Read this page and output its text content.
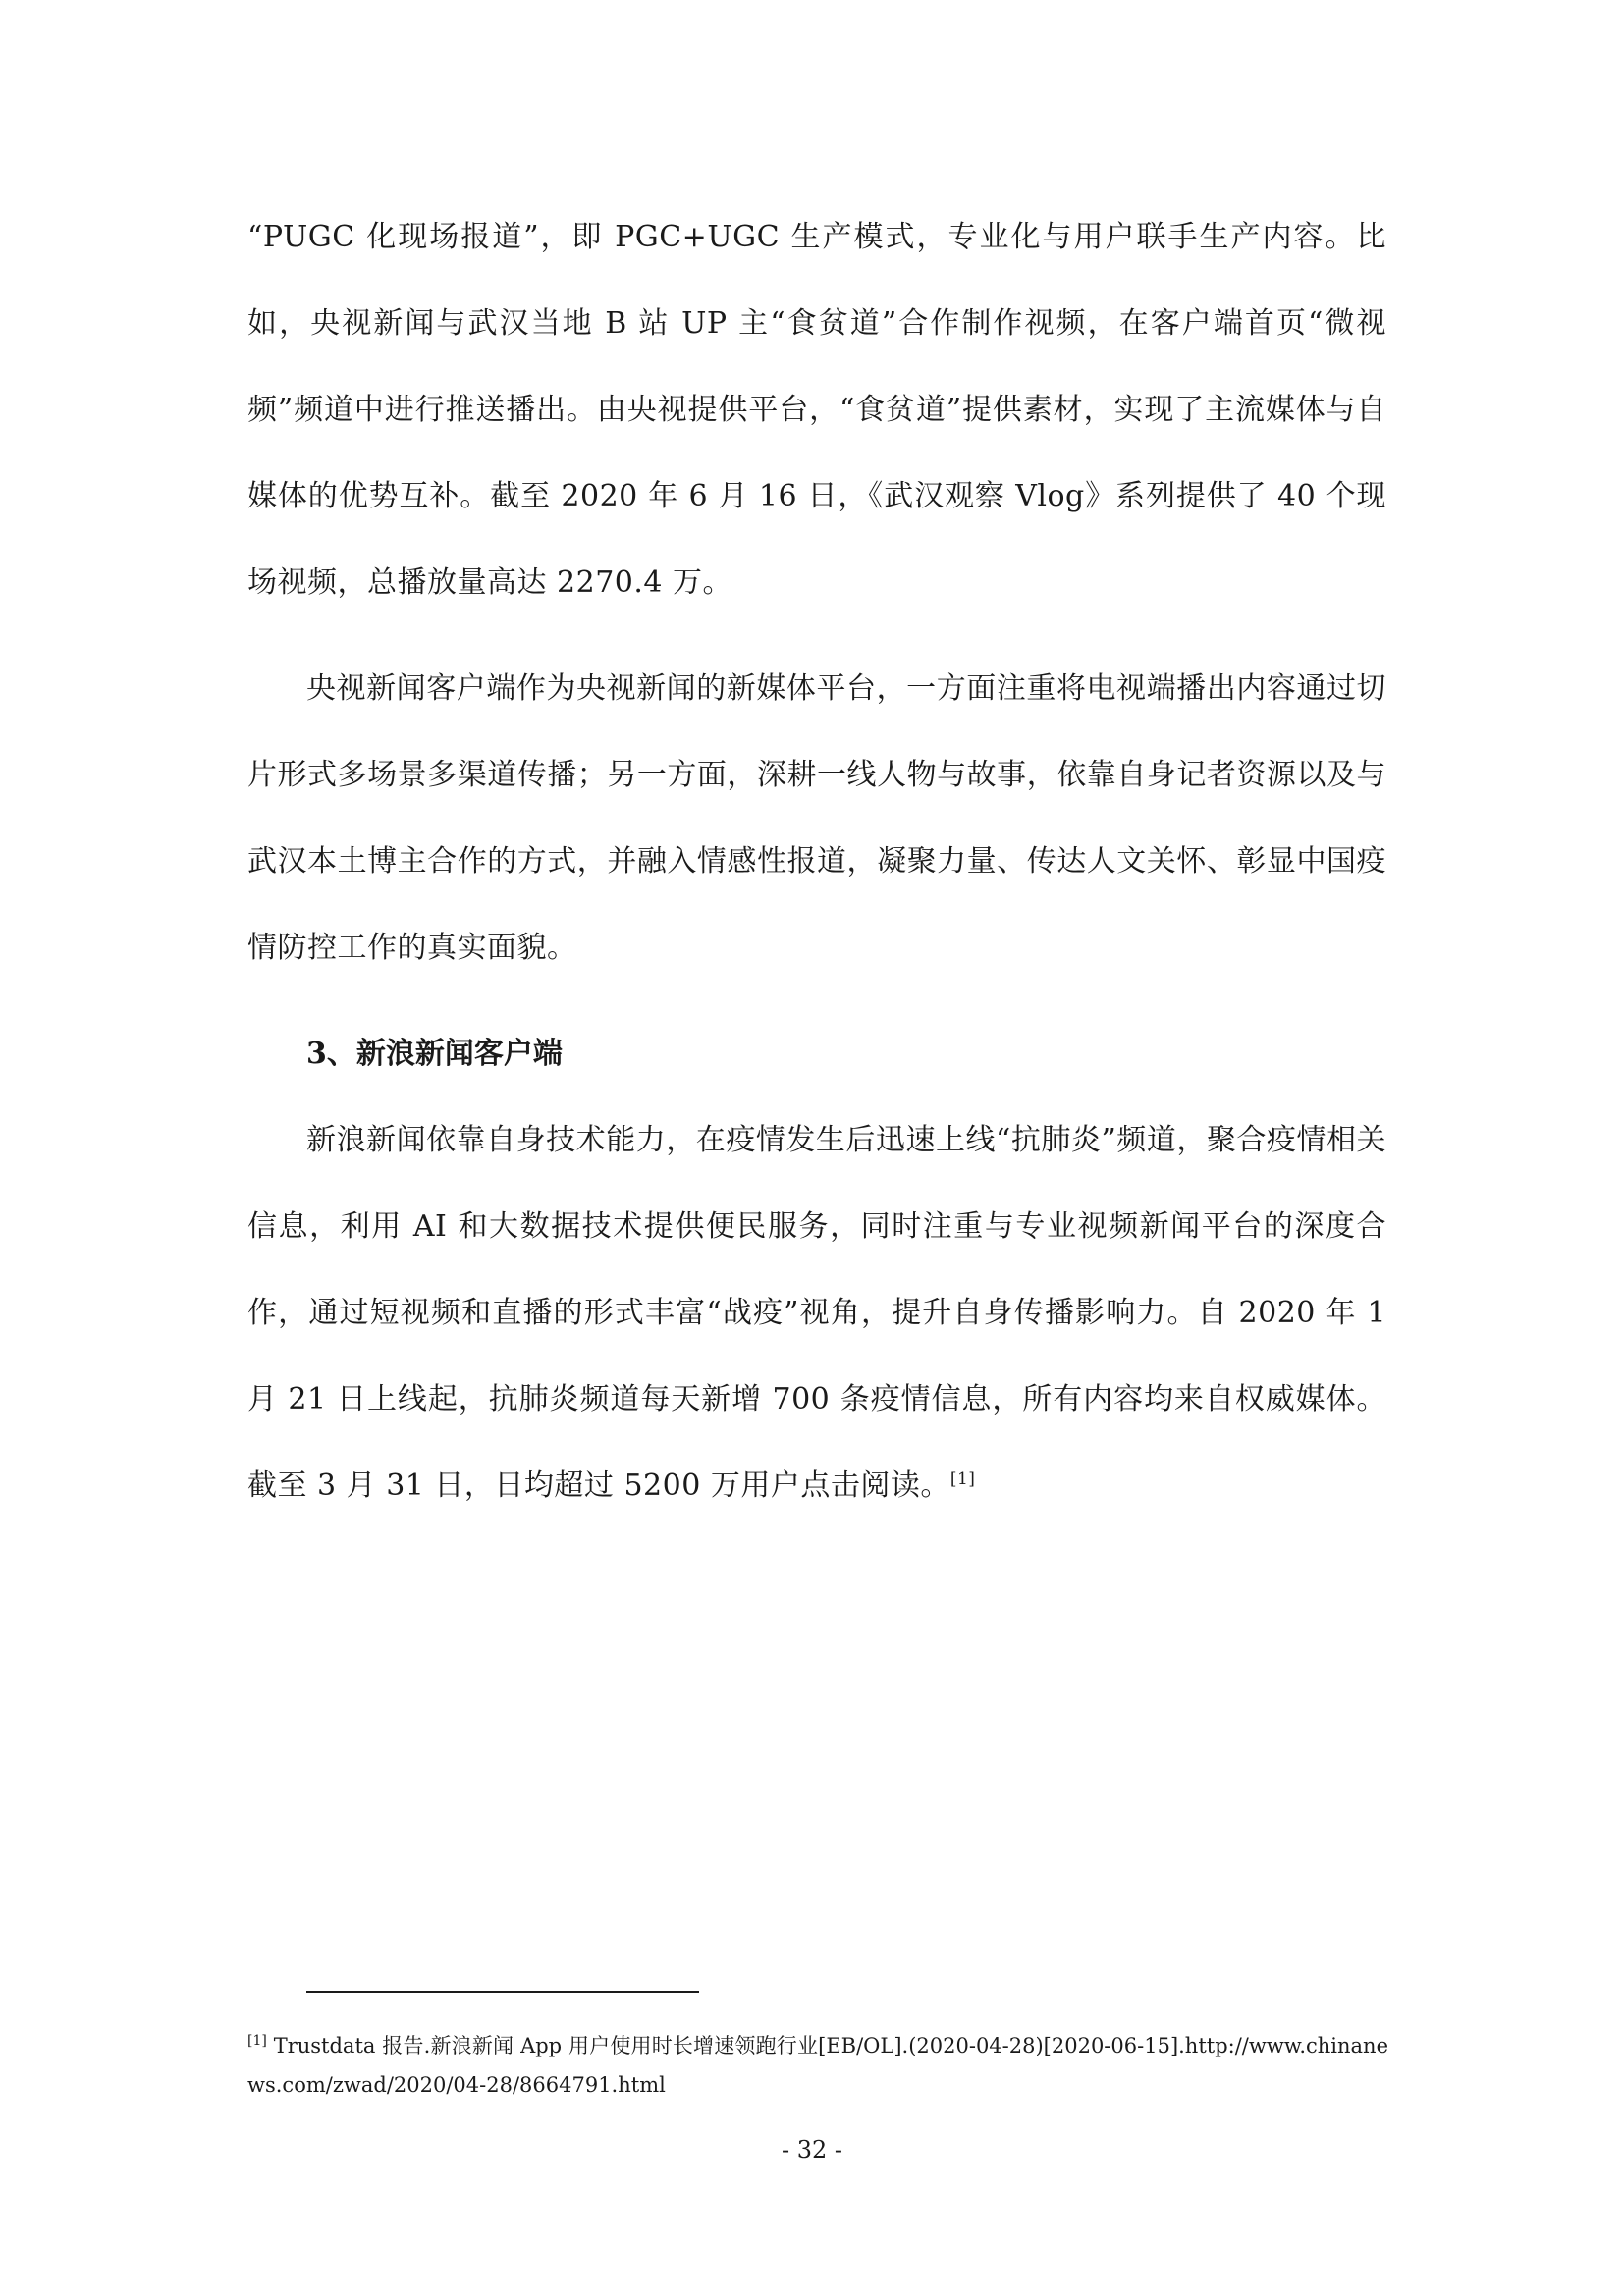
“PUGC 化现场报道”，即 PGC+UGC 生产模式，专业化与用户联手生产内容。比如，央视新闻与武汉当地 B 站 UP 主“食贫道”合作制作视频，在客户端首页“微视频”频道中进行推送播出。由央视提供平台，“食贫道”提供素材，实现了主流媒体与自媒体的优势互补。截至 2020 年 6 月 16 日，《武汉观察 Vlog》系列提供了 40 个现场视频，总播放量高达 2270.4 万。

央视新闻客户端作为央视新闻的新媒体平台，一方面注重将电视端播出内容通过切片形式多场景多渠道传播；另一方面，深耕一线人物与故事，依靠自身记者资源以及与武汉本土博主合作的方式，并融入情感性报道，凝聚力量、传达人文关怀、彰显中国疫情防控工作的真实面貌。

3、新浪新闻客户端

新浪新闻依靠自身技术能力，在疫情发生后迅速上线“抗肺炎”频道，聚合疫情相关信息，利用 AI 和大数据技术提供便民服务，同时注重与专业视频新闻平台的深度合作，通过短视频和直播的形式丰富“战疫”视角，提升自身传播影响力。自 2020 年 1 月 21 日上线起，抗肺炎频道每天新增 700 条疫情信息，所有内容均来自权威媒体。截至 3 月 31 日，日均超过 5200 万用户点击阅读。[1]

[1] Trustdata 报告.新浪新闻 App 用户使用时长增速领跑行业[EB/OL].(2020-04-28)[2020-06-15].http://www.chinanews.com/zwad/2020/04-28/8664791.html

- 32 -
